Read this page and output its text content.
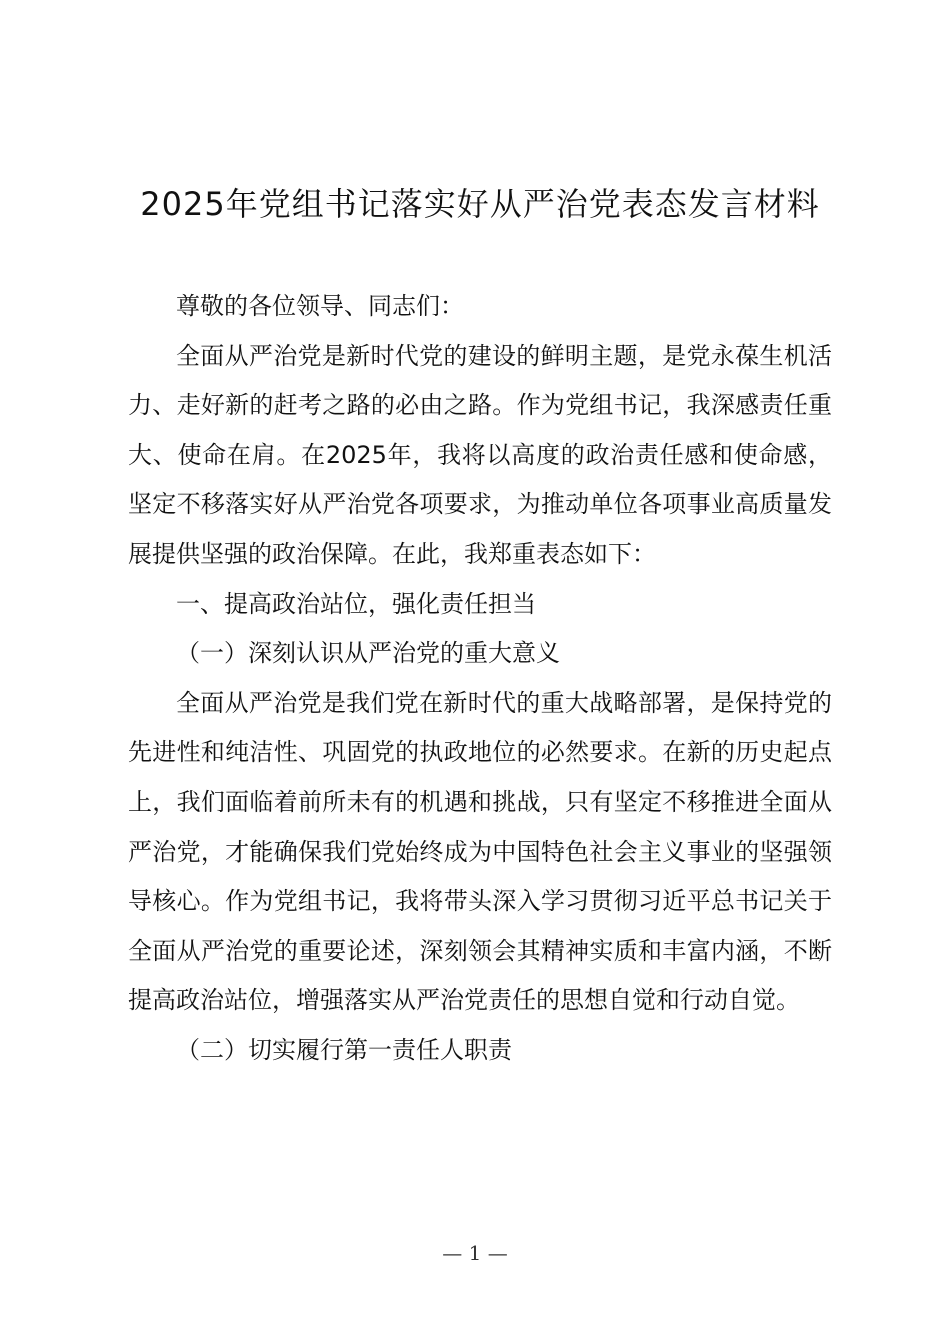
2025年党组书记落实好从严治党表态发言材料

尊敬的各位领导、同志们：

全面从严治党是新时代党的建设的鲜明主题，是党永葆生机活力、走好新的赶考之路的必由之路。作为党组书记，我深感责任重大、使命在肩。在2025年，我将以高度的政治责任感和使命感，坚定不移落实好从严治党各项要求，为推动单位各项事业高质量发展提供坚强的政治保障。在此，我郑重表态如下：

一、提高政治站位，强化责任担当

（一）深刻认识从严治党的重大意义

全面从严治党是我们党在新时代的重大战略部署，是保持党的先进性和纯洁性、巩固党的执政地位的必然要求。在新的历史起点上，我们面临着前所未有的机遇和挑战，只有坚定不移推进全面从严治党，才能确保我们党始终成为中国特色社会主义事业的坚强领导核心。作为党组书记，我将带头深入学习贯彻习近平总书记关于全面从严治党的重要论述，深刻领会其精神实质和丰富内涵，不断提高政治站位，增强落实从严治党责任的思想自觉和行动自觉。

（二）切实履行第一责任人职责

— 1 —
